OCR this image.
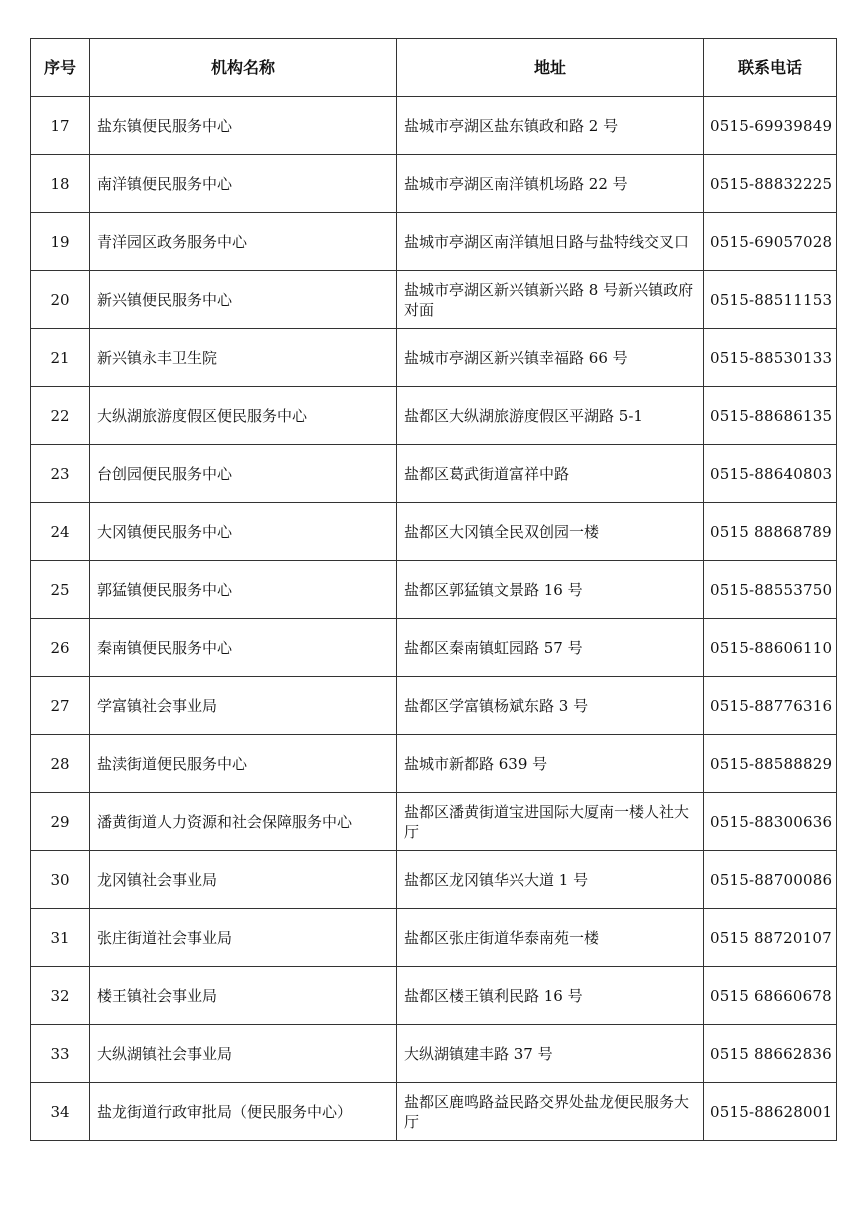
序号	机构名称	地址	联系电话
17	盐东镇便民服务中心	盐城市亭湖区盐东镇政和路 2 号	0515-69939849
18	南洋镇便民服务中心	盐城市亭湖区南洋镇机场路 22 号	0515-88832225
19	青洋园区政务服务中心	盐城市亭湖区南洋镇旭日路与盐特线交叉口	0515-69057028
20	新兴镇便民服务中心	盐城市亭湖区新兴镇新兴路 8 号新兴镇政府对面	0515-88511153
21	新兴镇永丰卫生院	盐城市亭湖区新兴镇幸福路 66 号	0515-88530133
22	大纵湖旅游度假区便民服务中心	盐都区大纵湖旅游度假区平湖路 5-1	0515-88686135
23	台创园便民服务中心	盐都区葛武街道富祥中路	0515-88640803
24	大冈镇便民服务中心	盐都区大冈镇全民双创园一楼	0515 88868789
25	郭猛镇便民服务中心	盐都区郭猛镇文景路 16 号	0515-88553750
26	秦南镇便民服务中心	盐都区秦南镇虹园路 57 号	0515-88606110
27	学富镇社会事业局	盐都区学富镇杨斌东路 3 号	0515-88776316
28	盐渎街道便民服务中心	盐城市新都路 639 号	0515-88588829
29	潘黄街道人力资源和社会保障服务中心	盐都区潘黄街道宝进国际大厦南一楼人社大厅	0515-88300636
30	龙冈镇社会事业局	盐都区龙冈镇华兴大道 1 号	0515-88700086
31	张庄街道社会事业局	盐都区张庄街道华泰南苑一楼	0515 88720107
32	楼王镇社会事业局	盐都区楼王镇利民路 16 号	0515 68660678
33	大纵湖镇社会事业局	大纵湖镇建丰路 37 号	0515 88662836
34	盐龙街道行政审批局（便民服务中心）	盐都区鹿鸣路益民路交界处盐龙便民服务大厅	0515-88628001
